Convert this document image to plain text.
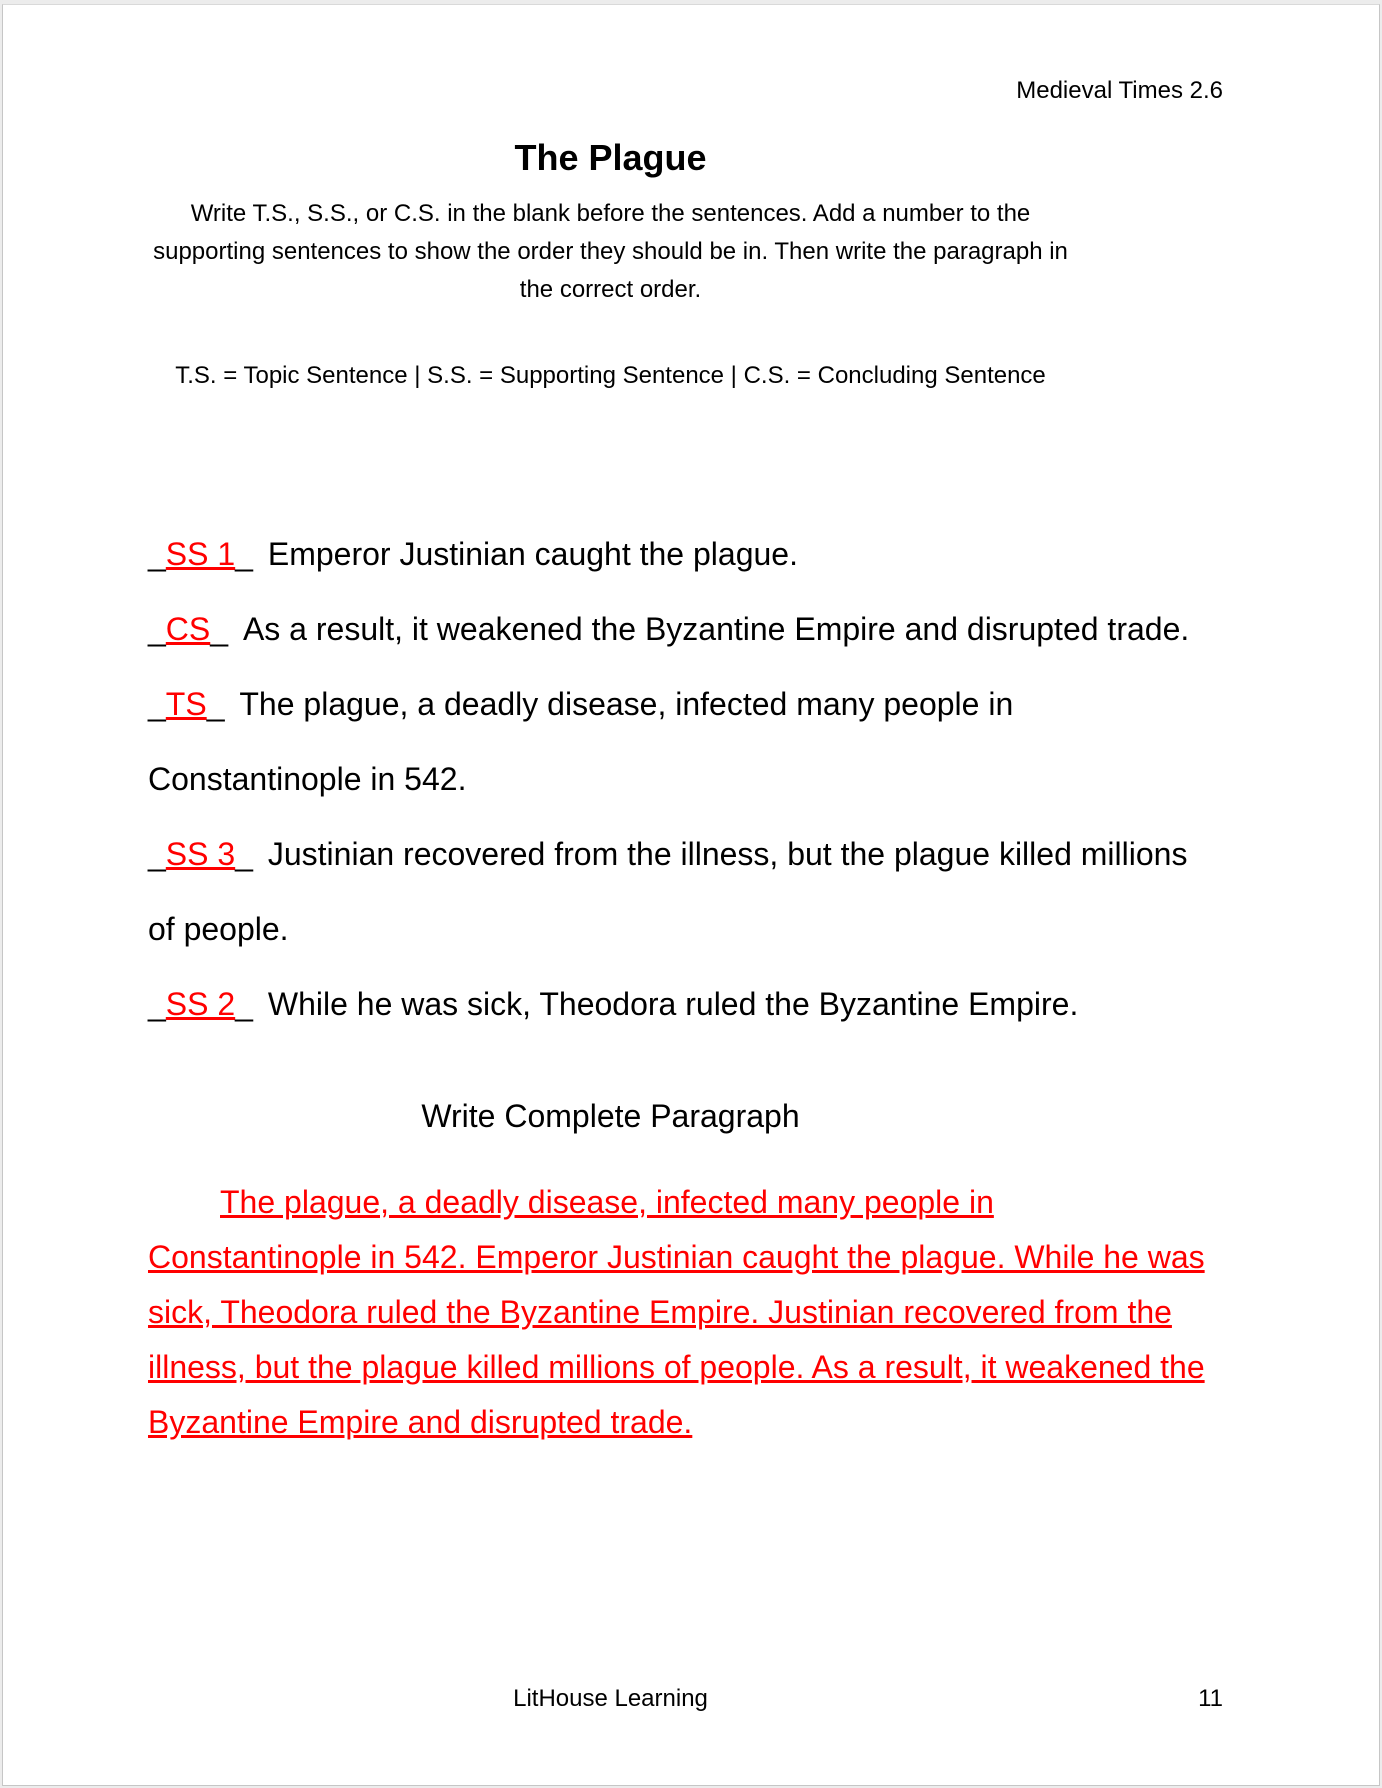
Medieval Times 2.6
The Plague
Write T.S., S.S., or C.S. in the blank before the sentences. Add a number to the supporting sentences to show the order they should be in. Then write the paragraph in the correct order.
T.S. = Topic Sentence | S.S. = Supporting Sentence | C.S. = Concluding Sentence
_SS 1_ Emperor Justinian caught the plague.
_CS_ As a result, it weakened the Byzantine Empire and disrupted trade.
_TS_ The plague, a deadly disease, infected many people in
Constantinople in 542.
_SS 3_ Justinian recovered from the illness, but the plague killed millions
of people.
_SS 2_ While he was sick, Theodora ruled the Byzantine Empire.
Write Complete Paragraph
The plague, a deadly disease, infected many people in
Constantinople in 542. Emperor Justinian caught the plague. While he was
sick, Theodora ruled the Byzantine Empire. Justinian recovered from the
illness, but the plague killed millions of people. As a result, it weakened the
Byzantine Empire and disrupted trade.
LitHouse Learning	11
